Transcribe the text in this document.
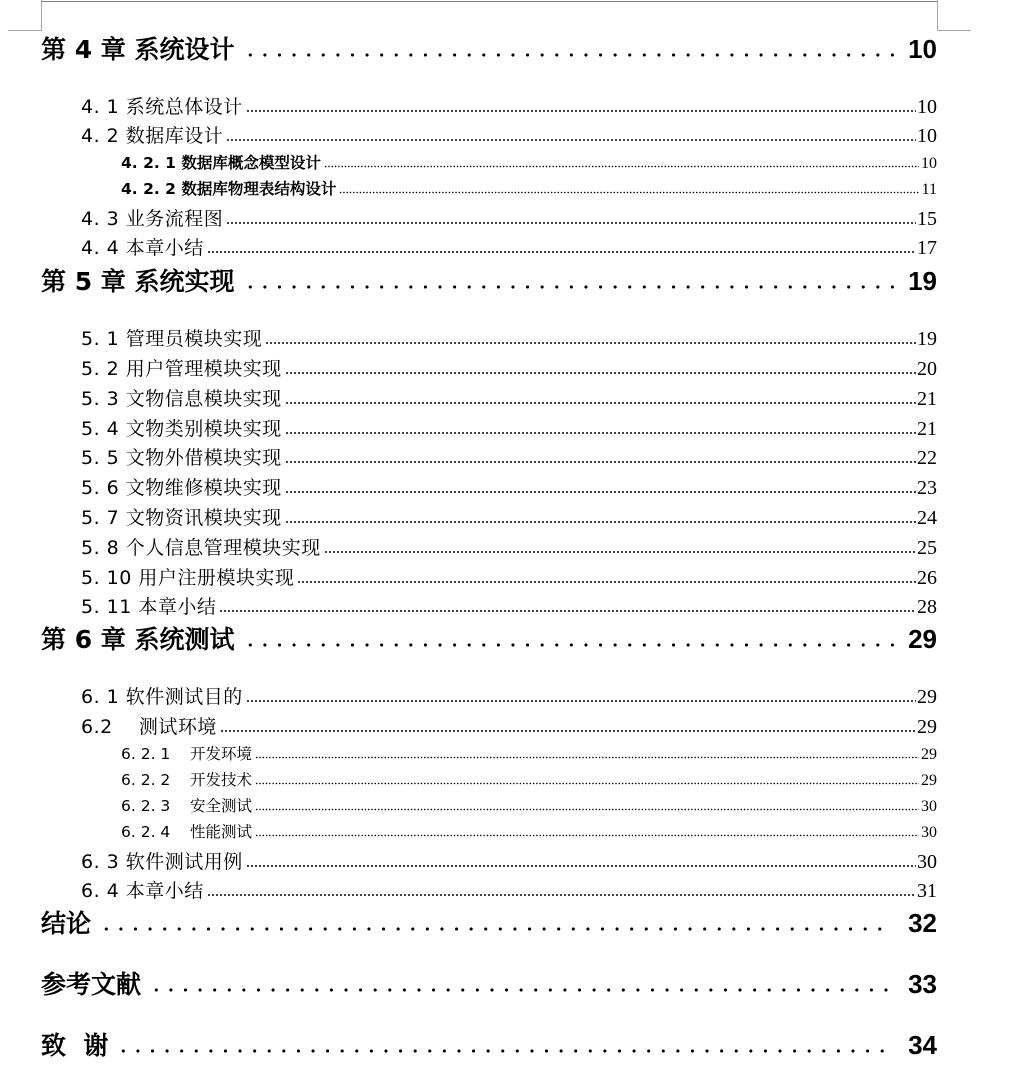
第 4 章 系统设计	10
4. 1 系统总体设计	10
4. 2 数据库设计	10
4. 2. 1 数据库概念模型设计	10
4. 2. 2 数据库物理表结构设计	11
4. 3 业务流程图	15
4. 4 本章小结	17
第 5 章 系统实现	19
5. 1 管理员模块实现	19
5. 2 用户管理模块实现	20
5. 3 文物信息模块实现	21
5. 4 文物类别模块实现	21
5. 5 文物外借模块实现	22
5. 6 文物维修模块实现	23
5. 7 文物资讯模块实现	24
5. 8 个人信息管理模块实现	25
5. 10 用户注册模块实现	26
5. 11 本章小结	28
第 6 章 系统测试	29
6. 1 软件测试目的	29
6.2    测试环境	29
6. 2. 1    开发环境	29
6. 2. 2    开发技术	29
6. 2. 3    安全测试	30
6. 2. 4    性能测试	30
6. 3 软件测试用例	30
6. 4 本章小结	31
结论	32
参考文献	33
致  谢	34
